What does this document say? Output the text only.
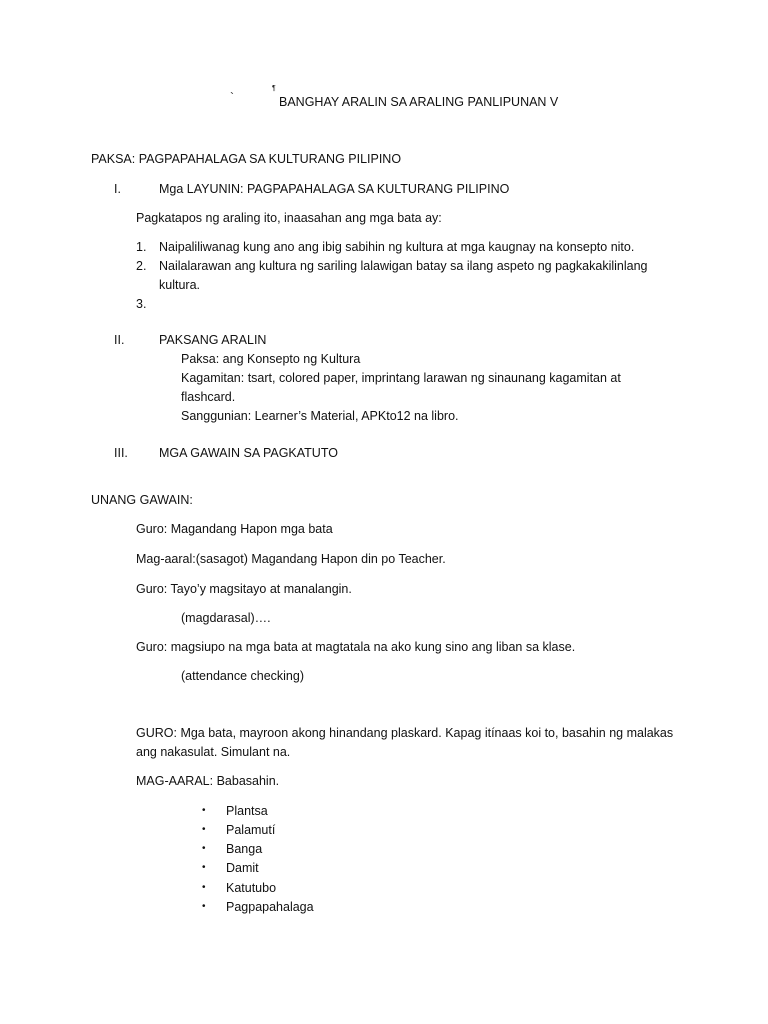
`
¶
BANGHAY ARALIN SA ARALING PANLIPUNAN V
PAKSA: PAGPAPAHALAGA SA KULTURANG PILIPINO
I.	Mga LAYUNIN: PAGPAPAHALAGA SA KULTURANG PILIPINO
Pagkatapos ng araling ito, inaasahan ang mga bata ay:
1. Naipaliliwanag kung ano ang ibig sabihin ng kultura at mga kaugnay na konsepto nito.
2. Nailalarawan ang kultura ng sariling lalawigan batay sa ilang aspeto ng pagkakakilinlang
kultura.
3.
II.	PAKSANG ARALIN
Paksa: ang Konsepto ng Kultura
Kagamitan: tsart, colored paper, imprintang larawan ng sinaunang kagamitan at
flashcard.
Sanggunian: Learner’s Material, APKto12 na libro.
III. MGA GAWAIN SA PAGKATUTO
UNANG GAWAIN:
Guro: Magandang Hapon mga bata
Mag-aaral:(sasagot) Magandang Hapon din po Teacher.
Guro: Tayo’y magsitayo at manalangin.
(magdarasal)….
Guro: magsiupo na mga bata at magtatala na ako kung sino ang liban sa klase.
(attendance checking)
GURO: Mga bata, mayroon akong hinandang plaskard. Kapag itínaas koi to, basahin ng malakas
ang nakasulat. Simulant na.
MAG-AARAL: Babasahin.
• Plantsa
• Palamutí
• Banga
• Damit
• Katutubo
• Pagpapahalaga
